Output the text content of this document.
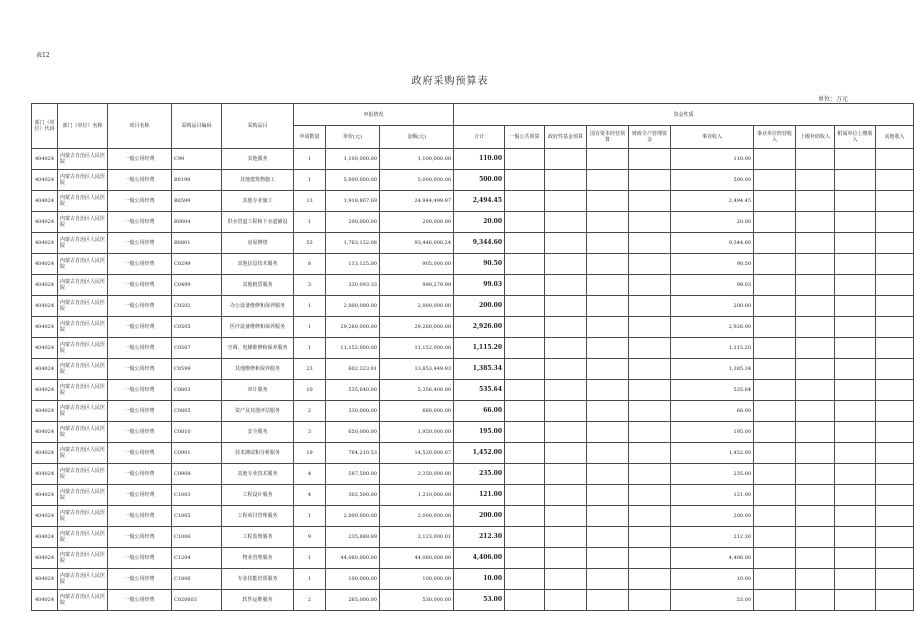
表12
政府采购预算表
单位：万元
部门（单位）代码	部门（单位）名称	项目名称	采购品目编码	采购品目	申报情况			资金性质									
					申请数量	单价(元)	金额(元)	合计	一般公共预算	政府性基金预算	国有资本经营预算	财政专户管理资金	事业收入	事业单位经营收入	上级补助收入	附属单位上缴收入	其他收入
404024	内蒙古自治区人民医院	一般公用经费	C99	其他服务	1	1,100,000.00	1,100,000.00	110.00					110.00				
404024	内蒙古自治区人民医院	一般公用经费	B0199	其他建筑物施工	1	5,000,000.00	5,000,000.00	500.00					500.00				
404024	内蒙古自治区人民医院	一般公用经费	B0599	其他专业施工	13	1,918,807.69	24,944,499.97	2,494.45					2,494.45				
404024	内蒙古自治区人民医院	一般公用经费	B0604	供水管道工程和下水道铺设	1	200,000.00	200,000.00	20.00					20.00				
404024	内蒙古自治区人民医院	一般公用经费	B0801	房屋修缮	53	1,763,132.08	93,446,000.24	9,344.60					9,344.60				
404024	内蒙古自治区人民医院	一般公用经费	C0299	其他信息技术服务	8	113,125.00	905,000.00	90.50					90.50				
404024	内蒙古自治区人民医院	一般公用经费	C0499	其他租赁服务	3	330,093.33	990,279.99	99.03					99.03				
404024	内蒙古自治区人民医院	一般公用经费	C0502	办公设备维修和保养服务	1	2,000,000.00	2,000,000.00	200.00					200.00				
404024	内蒙古自治区人民医院	一般公用经费	C0505	医疗设备维修和保养服务	1	29,260,000.00	29,260,000.00	2,926.00					2,926.00				
404024	内蒙古自治区人民医院	一般公用经费	C0507	空调、电梯维修和保养服务	1	11,152,000.00	11,152,000.00	1,115.20					1,115.20				
404024	内蒙古自治区人民医院	一般公用经费	C0599	其他维修和保养服务	23	602,323.91	13,853,449.93	1,385.34					1,385.34				
404024	内蒙古自治区人民医院	一般公用经费	C0803	审计服务	10	535,640.00	5,356,400.00	535.64					535.64				
404024	内蒙古自治区人民医院	一般公用经费	C0805	资产及其他评估服务	2	330,000.00	660,000.00	66.00					66.00				
404024	内蒙古自治区人民医院	一般公用经费	C0810	安全服务	3	650,000.00	1,950,000.00	195.00					195.00				
404024	内蒙古自治区人民医院	一般公用经费	C0901	技术测试和分析服务	19	764,210.53	14,520,000.07	1,452.00					1,452.00				
404024	内蒙古自治区人民医院	一般公用经费	C0908	其他专业技术服务	4	587,500.00	2,350,000.00	235.00					235.00				
404024	内蒙古自治区人民医院	一般公用经费	C1003	工程设计服务	4	302,500.00	1,210,000.00	121.00					121.00				
404024	内蒙古自治区人民医院	一般公用经费	C1005	工程项目管理服务	1	2,000,000.00	2,000,000.00	200.00					200.00				
404024	内蒙古自治区人民医院	一般公用经费	C1006	工程监理服务	9	235,888.89	2,123,000.01	212.30					212.30				
404024	内蒙古自治区人民医院	一般公用经费	C1204	物业管理服务	1	44,060,000.00	44,060,000.00	4,406.00					4,406.00				
404024	内蒙古自治区人民医院	一般公用经费	C1806	专业技能培训服务	1	100,000.00	100,000.00	10.00					10.00				
404024	内蒙古自治区人民医院	一般公用经费	C020603	软件运维服务	2	265,000.00	530,000.00	53.00					53.00				
